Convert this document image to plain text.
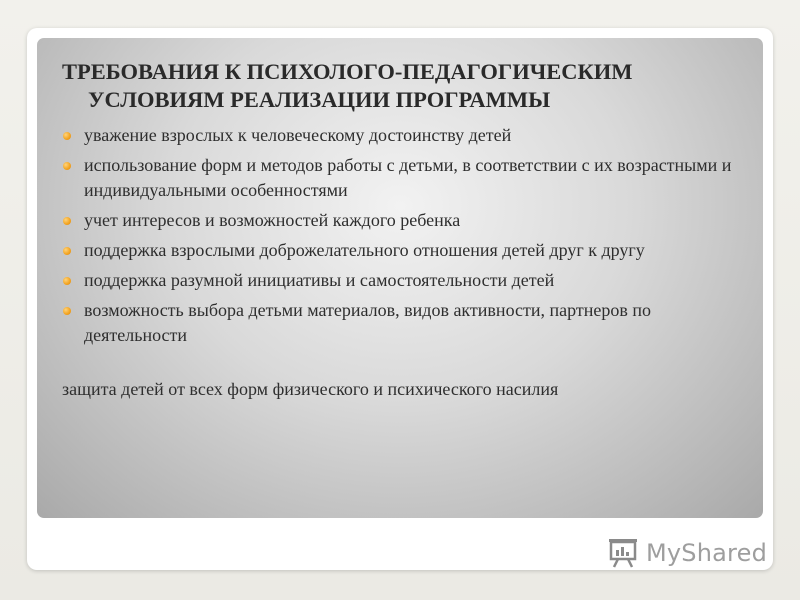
ТРЕБОВАНИЯ К ПСИХОЛОГО-ПЕДАГОГИЧЕСКИМ
УСЛОВИЯМ РЕАЛИЗАЦИИ ПРОГРАММЫ
уважение взрослых к человеческому достоинству детей
использование форм и методов работы с детьми, в соответствии с их возрастными и индивидуальными особенностями
учет интересов и возможностей каждого ребенка
поддержка взрослыми доброжелательного отношения детей друг к другу
поддержка разумной инициативы и самостоятельности детей
возможность выбора детьми материалов, видов активности, партнеров по деятельности
защита детей от всех форм физического и психического насилия
MyShared
